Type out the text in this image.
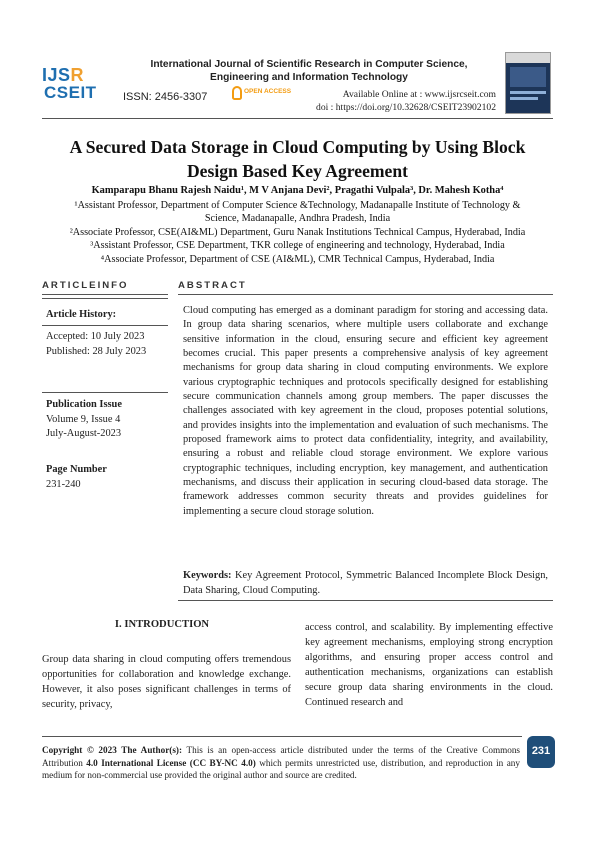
IJSR
CSEIT
International Journal of Scientific Research in Computer Science, Engineering and Information Technology
ISSN: 2456-3307	OPEN ACCESS	Available Online at : www.ijsrcseit.com
doi : https://doi.org/10.32628/CSEIT23902102
A Secured Data Storage in Cloud Computing by Using Block
Design Based Key Agreement
Kamparapu Bhanu Rajesh Naidu¹, M V Anjana Devi², Pragathi Vulpala³, Dr. Mahesh Kotha⁴
¹Assistant Professor, Department of Computer Science &Technology, Madanapalle Institute of Technology &
Science, Madanapalle, Andhra Pradesh, India
²Associate Professor, CSE(AI&ML) Department, Guru Nanak Institutions Technical Campus, Hyderabad, India
³Assistant Professor, CSE Department, TKR college of engineering and technology, Hyderabad, India
⁴Associate Professor, Department of CSE (AI&ML), CMR Technical Campus, Hyderabad, India
ARTICLEINFO	ABSTRACT
Article History:
Accepted: 10 July 2023
Published: 28 July 2023
Publication Issue
Volume 9, Issue 4
July-August-2023
Page Number
231-240
Cloud computing has emerged as a dominant paradigm for storing and accessing data. In group data sharing scenarios, where multiple users collaborate and exchange sensitive information in the cloud, ensuring secure and efficient key agreement becomes crucial. This paper presents a comprehensive analysis of key agreement mechanisms for group data sharing in cloud computing environments. We explore various cryptographic techniques and protocols specifically designed for establishing secure communication channels among group members. The paper discusses the challenges associated with key agreement in the cloud, proposes potential solutions, and provides insights into the implementation and evaluation of such mechanisms. The proposed framework aims to protect data confidentiality, integrity, and availability, ensuring a robust and reliable cloud storage environment. We explore various cryptographic techniques, including encryption, key management, and authentication mechanisms, and discuss their application in securing cloud-based data storage. The framework addresses common security threats and provides guidelines for implementing a secure cloud storage solution.
Keywords: Key Agreement Protocol, Symmetric Balanced Incomplete Block Design, Data Sharing, Cloud Computing.
I. INTRODUCTION
Group data sharing in cloud computing offers tremendous opportunities for collaboration and knowledge exchange. However, it also poses significant challenges in terms of security, privacy,
access control, and scalability. By implementing effective key agreement mechanisms, employing strong encryption algorithms, and ensuring proper access control and authentication mechanisms, organizations can establish secure group data sharing environments in the cloud. Continued research and
Copyright © 2023 The Author(s): This is an open-access article distributed under the terms of the Creative Commons Attribution 4.0 International License (CC BY-NC 4.0) which permits unrestricted use, distribution, and reproduction in any medium for non-commercial use provided the original author and source are credited.
231
